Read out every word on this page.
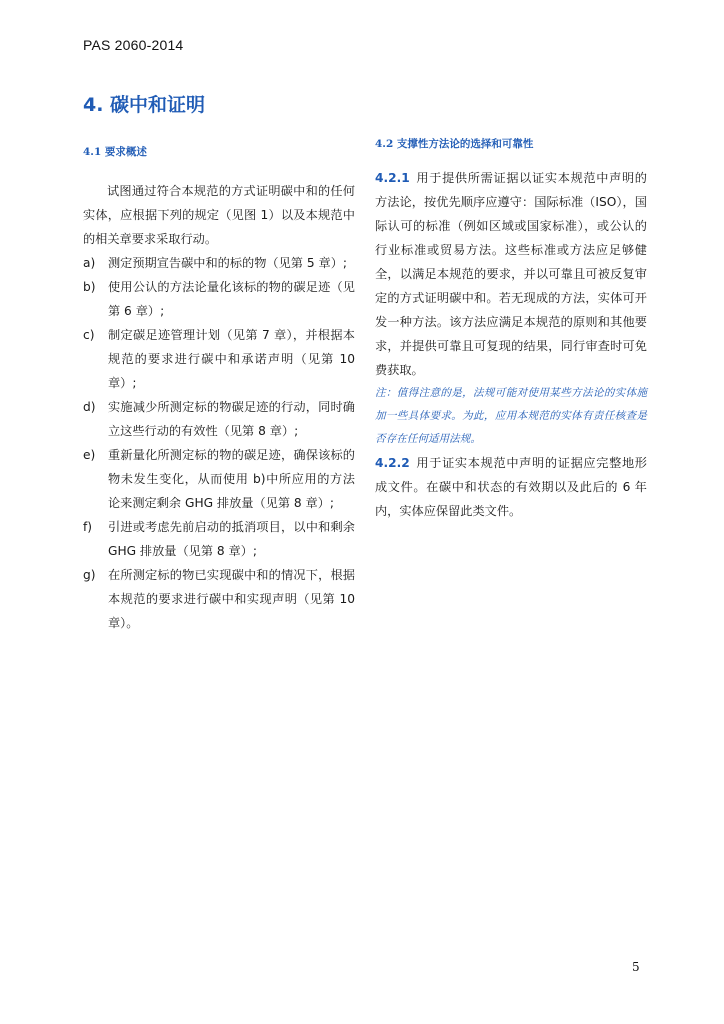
PAS 2060-2014
4. 碳中和证明
4.1 要求概述

试图通过符合本规范的方式证明碳中和的任何实体，应根据下列的规定（见图 1）以及本规范中的相关章要求采取行动。

a) 测定预期宣告碳中和的标的物（见第 5 章）;
b) 使用公认的方法论量化该标的物的碳足迹（见第 6 章）;
c) 制定碳足迹管理计划（见第 7 章），并根据本规范的要求进行碳中和承诺声明（见第 10 章）;
d) 实施减少所测定标的物碳足迹的行动，同时确立这些行动的有效性（见第 8 章）;
e) 重新量化所测定标的物的碳足迹，确保该标的物未发生变化，从而使用 b)中所应用的方法论来测定剩余 GHG 排放量（见第 8 章）;
f) 引进或考虑先前启动的抵消项目，以中和剩余 GHG 排放量（见第 8 章）;
g) 在所测定标的物已实现碳中和的情况下，根据本规范的要求进行碳中和实现声明（见第 10 章）。
4.2 支撑性方法论的选择和可靠性

4.2.1 用于提供所需证据以证实本规范中声明的方法论，按优先顺序应遵守：国际标准（ISO），国际认可的标准（例如区域或国家标准），或公认的行业标准或贸易方法。这些标准或方法应足够健全，以满足本规范的要求，并以可靠且可被反复审定的方式证明碳中和。若无现成的方法，实体可开发一种方法。该方法应满足本规范的原则和其他要求，并提供可靠且可复现的结果，同行审查时可免费获取。

注：值得注意的是，法规可能对使用某些方法论的实体施加一些具体要求。为此，应用本规范的实体有责任核查是否存在任何适用法规。

4.2.2 用于证实本规范中声明的证据应完整地形成文件。在碳中和状态的有效期以及此后的 6 年内，实体应保留此类文件。

5
